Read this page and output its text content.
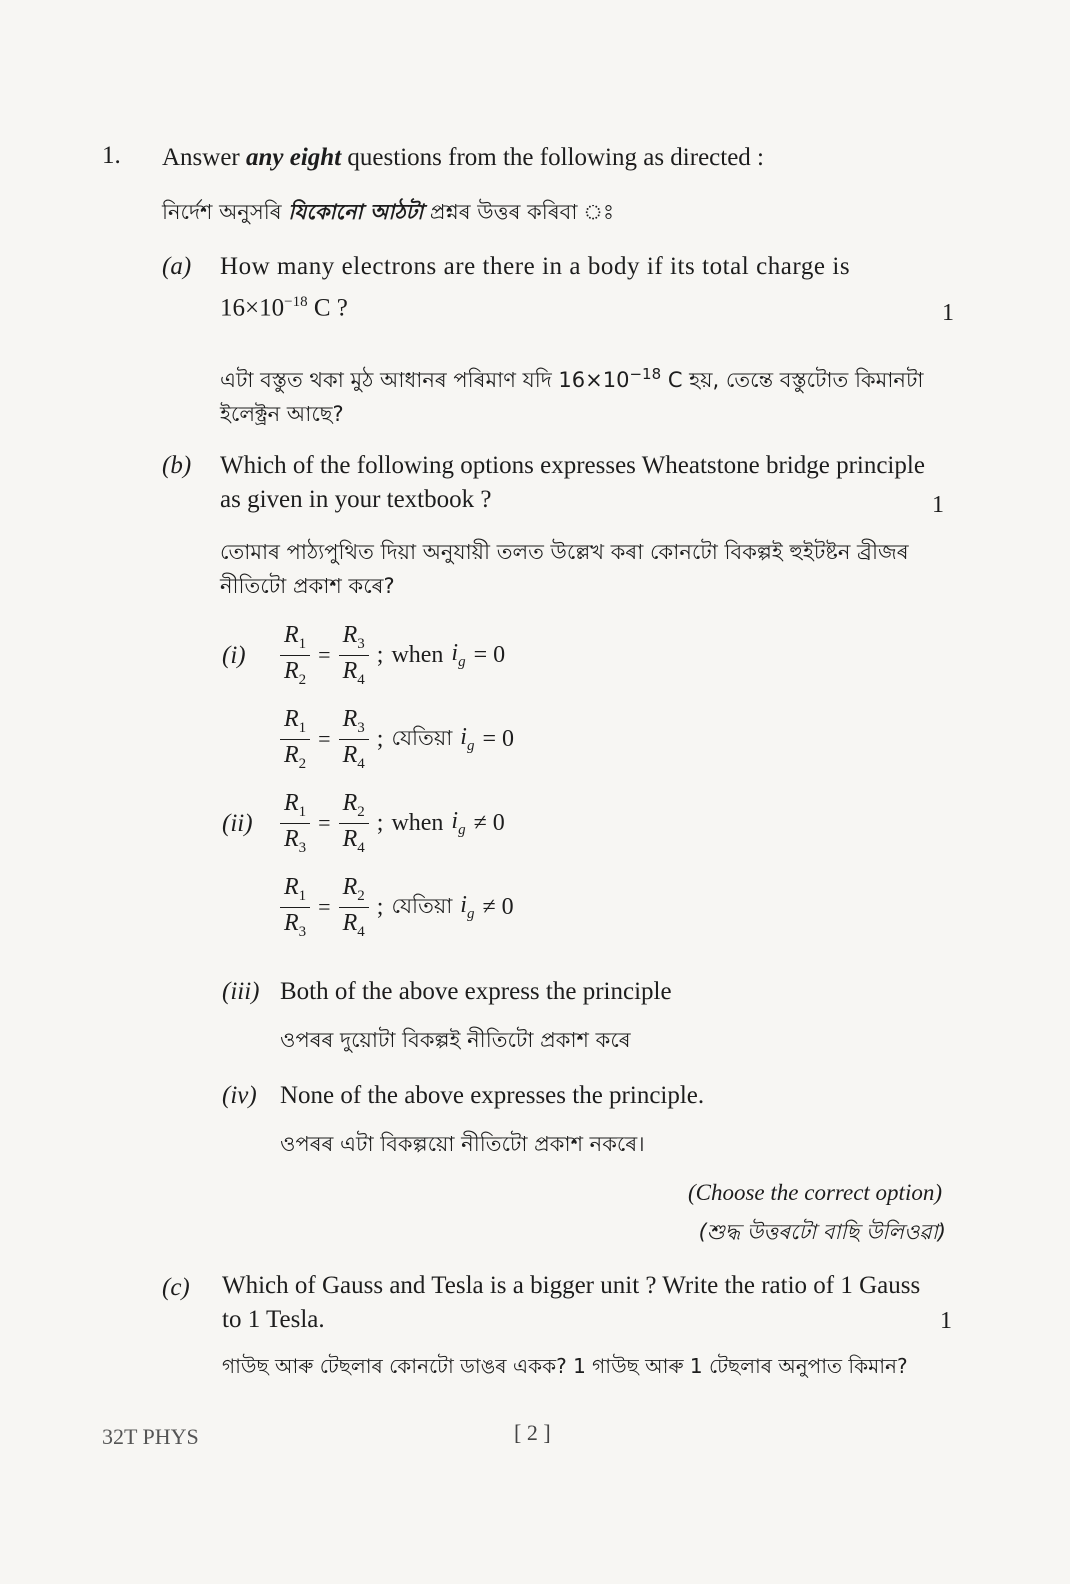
1. Answer any eight questions from the following as directed :
নিৰ্দেশ অনুসৰি যিকোনো আঠটা প্ৰশ্নৰ উত্তৰ কৰিবা ঃ
(a) How many electrons are there in a body if its total charge is
$16\times 10^{-18}$ C ?	1
এটা বস্তুত থকা মুঠ আধানৰ পৰিমাণ যদি $16\times 10^{-18}$ C হয়, তেন্তে বস্তুটোত কিমানটা
ইলেক্ট্ৰন আছে?
(b) Which of the following options expresses Wheatstone bridge principle
as given in your textbook ?	1
তোমাৰ পাঠ্যপুথিত দিয়া অনুযায়ী তলত উল্লেখ কৰা কোনটো বিকল্পই হুইটষ্টন ব্ৰীজৰ
নীতিটো প্ৰকাশ কৰে?
$(i) \frac{R_1}{R_2} = \frac{R_3}{R_4}$ ; when $i_g = 0$
$\frac{R_1}{R_2} = \frac{R_3}{R_4}$ ; যেতিয়া $i_g = 0$
$(ii) \frac{R_1}{R_3} = \frac{R_2}{R_4}$ ; when $i_g \ne 0$
$\frac{R_1}{R_3} = \frac{R_2}{R_4}$ ; যেতিয়া $i_g \ne 0$
(iii) Both of the above express the principle
ওপৰৰ দুয়োটা বিকল্পই নীতিটো প্ৰকাশ কৰে
(iv) None of the above expresses the principle.
ওপৰৰ এটা বিকল্পয়ো নীতিটো প্ৰকাশ নকৰে।
(Choose the correct option)
(শুদ্ধ উত্তৰটো বাছি উলিওৱা)
(c) Which of Gauss and Tesla is a bigger unit ? Write the ratio of 1 Gauss
to 1 Tesla.	1
গাউছ আৰু টেছলাৰ কোনটো ডাঙৰ একক? 1 গাউছ আৰু 1 টেছলাৰ অনুপাত কিমান?
32T PHYS	[ 2 ]
